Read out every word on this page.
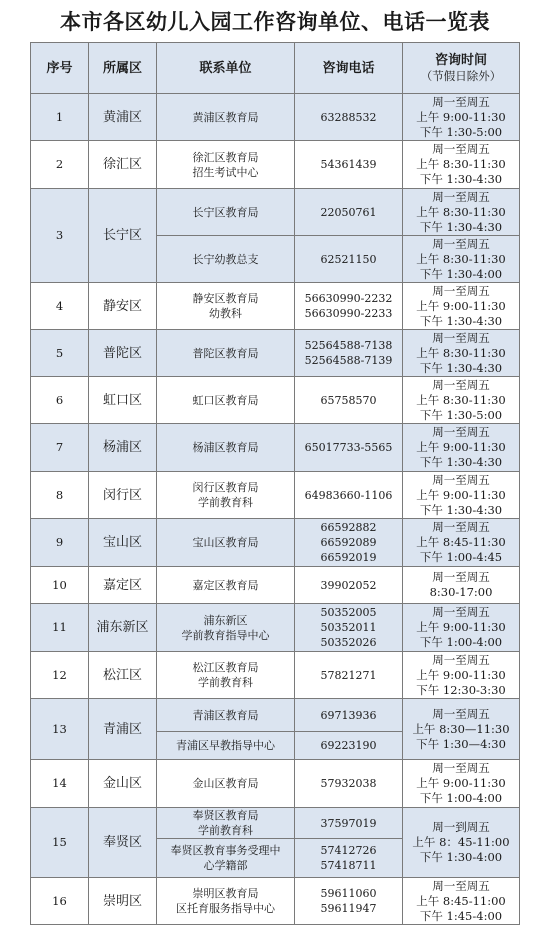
本市各区幼儿入园工作咨询单位、电话一览表
序号	所属区	联系单位	咨询电话	咨询时间
（节假日除外）

1	黄浦区	黄浦区教育局	63288532	周一至周五
上午 9:00-11:30
下午 1:30-5:00

2	徐汇区	徐汇区教育局
招生考试中心	54361439	周一至周五
上午 8:30-11:30
下午 1:30-4:30

3	长宁区	长宁区教育局	22050761	周一至周五
上午 8:30-11:30
下午 1:30-4:30

		长宁幼教总支	62521150	周一至周五
上午 8:30-11:30
下午 1:30-4:00

4	静安区	静安区教育局
幼教科	56630990-2232
56630990-2233	周一至周五
上午 9:00-11:30
下午 1:30-4:30

5	普陀区	普陀区教育局	52564588-7138
52564588-7139	周一至周五
上午 8:30-11:30
下午 1:30-4:30

6	虹口区	虹口区教育局	65758570	周一至周五
上午 8:30-11:30
下午 1:30-5:00

7	杨浦区	杨浦区教育局	65017733-5565	周一至周五
上午 9:00-11:30
下午 1:30-4:30

8	闵行区	闵行区教育局
学前教育科	64983660-1106	周一至周五
上午 9:00-11:30
下午 1:30-4:30

9	宝山区	宝山区教育局	66592882
66592089
66592019	周一至周五
上午 8:45-11:30
下午 1:00-4:45

10	嘉定区	嘉定区教育局	39902052	周一至周五
8:30-17:00

11	浦东新区	浦东新区
学前教育指导中心	50352005
50352011
50352026	周一至周五
上午 9:00-11:30
下午 1:00-4:00

12	松江区	松江区教育局
学前教育科	57821271	周一至周五
上午 9:00-11:30
下午 12:30-3:30

13	青浦区	青浦区教育局	69713936	周一至周五
上午 8:30—11:30
下午 1:30—4:30

		青浦区早教指导中心	69223190	

14	金山区	金山区教育局	57932038	周一至周五
上午 9:00-11:30
下午 1:00-4:00

15	奉贤区	奉贤区教育局
学前教育科	37597019	周一到周五
上午 8：45-11:00
下午 1:30-4:00

		奉贤区教育事务受理中
心学籍部	57412726
57418711	

16	崇明区	崇明区教育局
区托育服务指导中心	59611060
59611947	周一至周五
上午 8:45-11:00
下午 1:45-4:00
